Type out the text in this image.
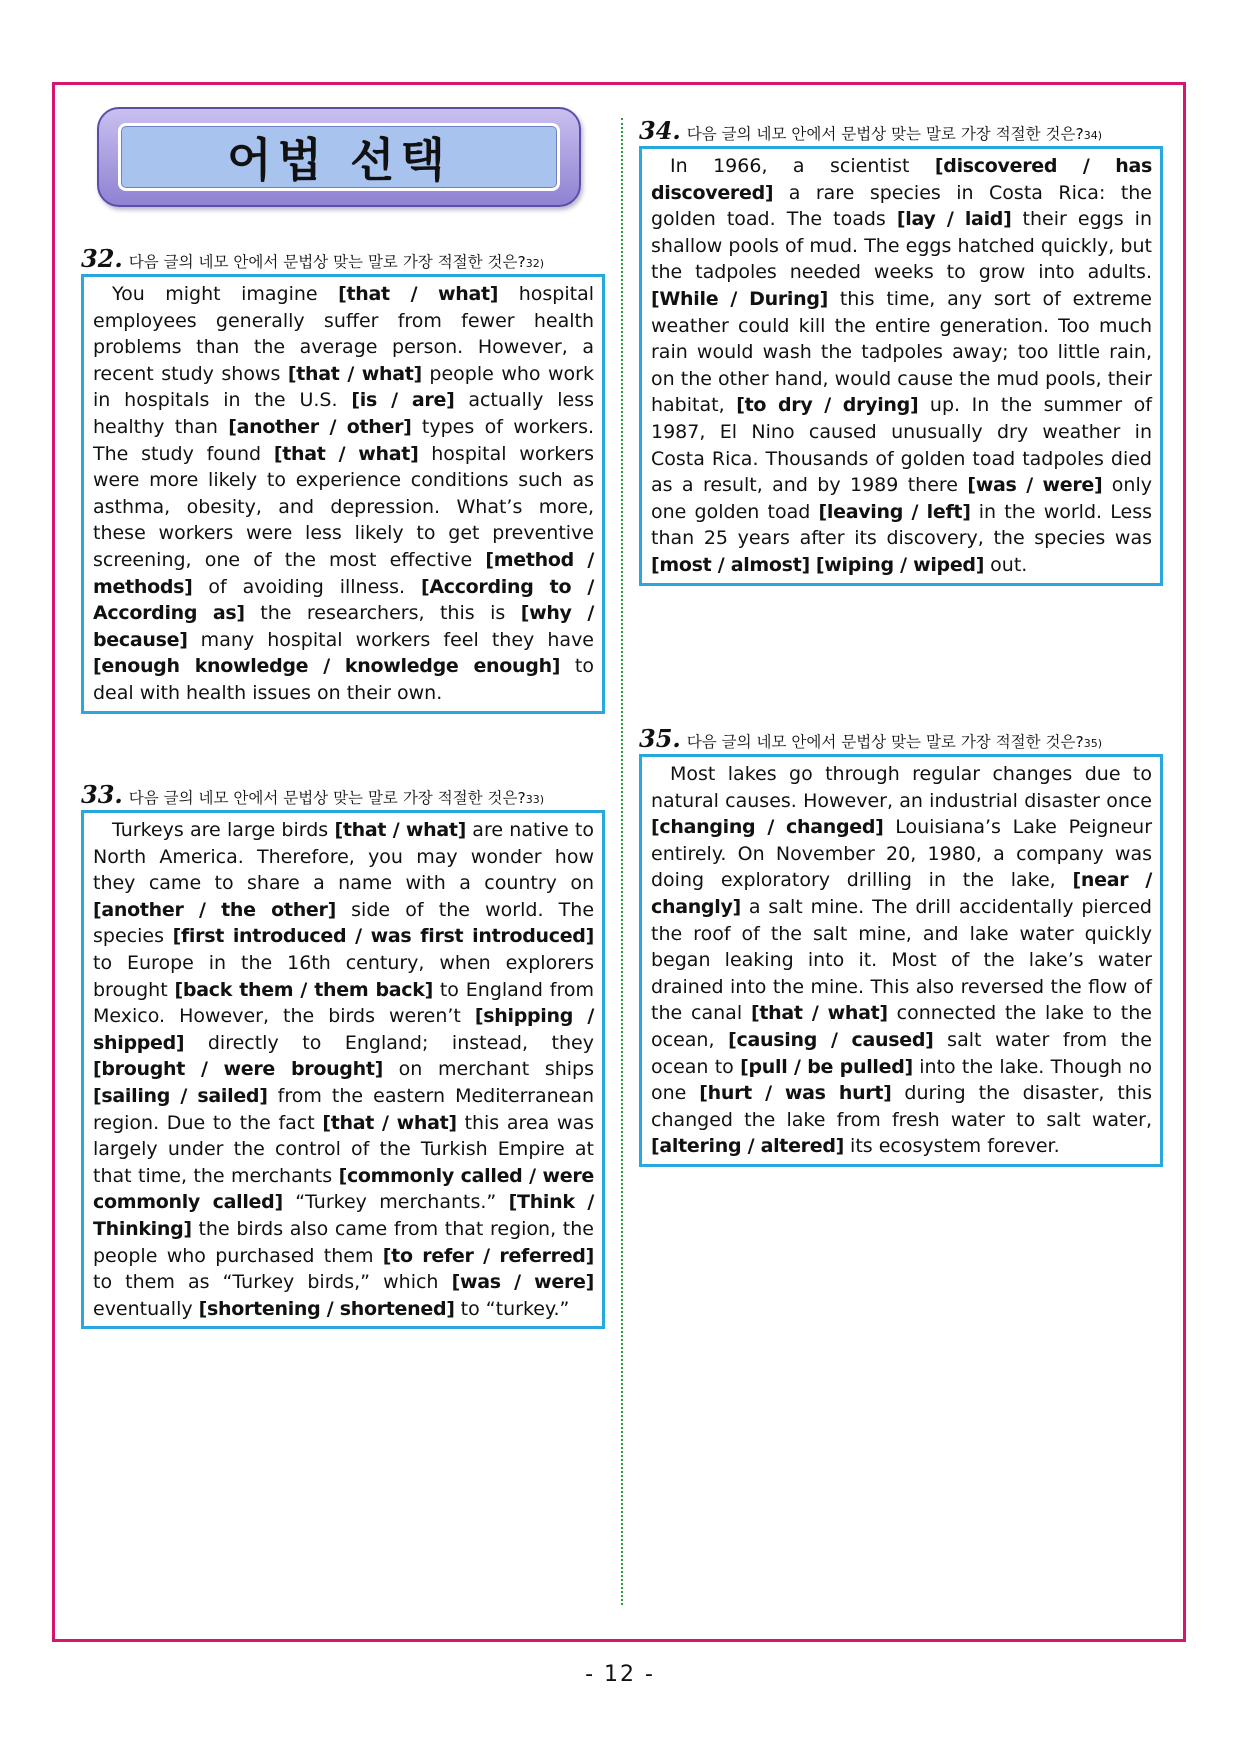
어법 선택
32. 다음 글의 네모 안에서 문법상 맞는 말로 가장 적절한 것은? 32)

You might imagine [that / what] hospital employees generally suffer from fewer health problems than the average person. However, a recent study shows [that / what] people who work in hospitals in the U.S. [is / are] actually less healthy than [another / other] types of workers. The study found [that / what] hospital workers were more likely to experience conditions such as asthma, obesity, and depression. What’s more, these workers were less likely to get preventive screening, one of the most effective [method / methods] of avoiding illness. [According to / According as] the researchers, this is [why / because] many hospital workers feel they have [enough knowledge / knowledge enough] to deal with health issues on their own.

33. 다음 글의 네모 안에서 문법상 맞는 말로 가장 적절한 것은? 33)

Turkeys are large birds [that / what] are native to North America. Therefore, you may wonder how they came to share a name with a country on [another / the other] side of the world. The species [first introduced / was first introduced] to Europe in the 16th century, when explorers brought [back them / them back] to England from Mexico. However, the birds weren’t [shipping / shipped] directly to England; instead, they [brought / were brought] on merchant ships [sailing / sailed] from the eastern Mediterranean region. Due to the fact [that / what] this area was largely under the control of the Turkish Empire at that time, the merchants [commonly called / were commonly called] “Turkey merchants.” [Think / Thinking] the birds also came from that region, the people who purchased them [to refer / referred] to them as “Turkey birds,” which [was / were] eventually [shortening / shortened] to “turkey.”

34. 다음 글의 네모 안에서 문법상 맞는 말로 가장 적절한 것은? 34)

In 1966, a scientist [discovered / has discovered] a rare species in Costa Rica: the golden toad. The toads [lay / laid] their eggs in shallow pools of mud. The eggs hatched quickly, but the tadpoles needed weeks to grow into adults. [While / During] this time, any sort of extreme weather could kill the entire generation. Too much rain would wash the tadpoles away; too little rain, on the other hand, would cause the mud pools, their habitat, [to dry / drying] up. In the summer of 1987, El Nino caused unusually dry weather in Costa Rica. Thousands of golden toad tadpoles died as a result, and by 1989 there [was / were] only one golden toad [leaving / left] in the world. Less than 25 years after its discovery, the species was [most / almost] [wiping / wiped] out.

35. 다음 글의 네모 안에서 문법상 맞는 말로 가장 적절한 것은? 35)

Most lakes go through regular changes due to natural causes. However, an industrial disaster once [changing / changed] Louisiana’s Lake Peigneur entirely. On November 20, 1980, a company was doing exploratory drilling in the lake, [near / changly] a salt mine. The drill accidentally pierced the roof of the salt mine, and lake water quickly began leaking into it. Most of the lake’s water drained into the mine. This also reversed the flow of the canal [that / what] connected the lake to the ocean, [causing / caused] salt water from the ocean to [pull / be pulled] into the lake. Though no one [hurt / was hurt] during the disaster, this changed the lake from fresh water to salt water, [altering / altered] its ecosystem forever.

- 12 -
